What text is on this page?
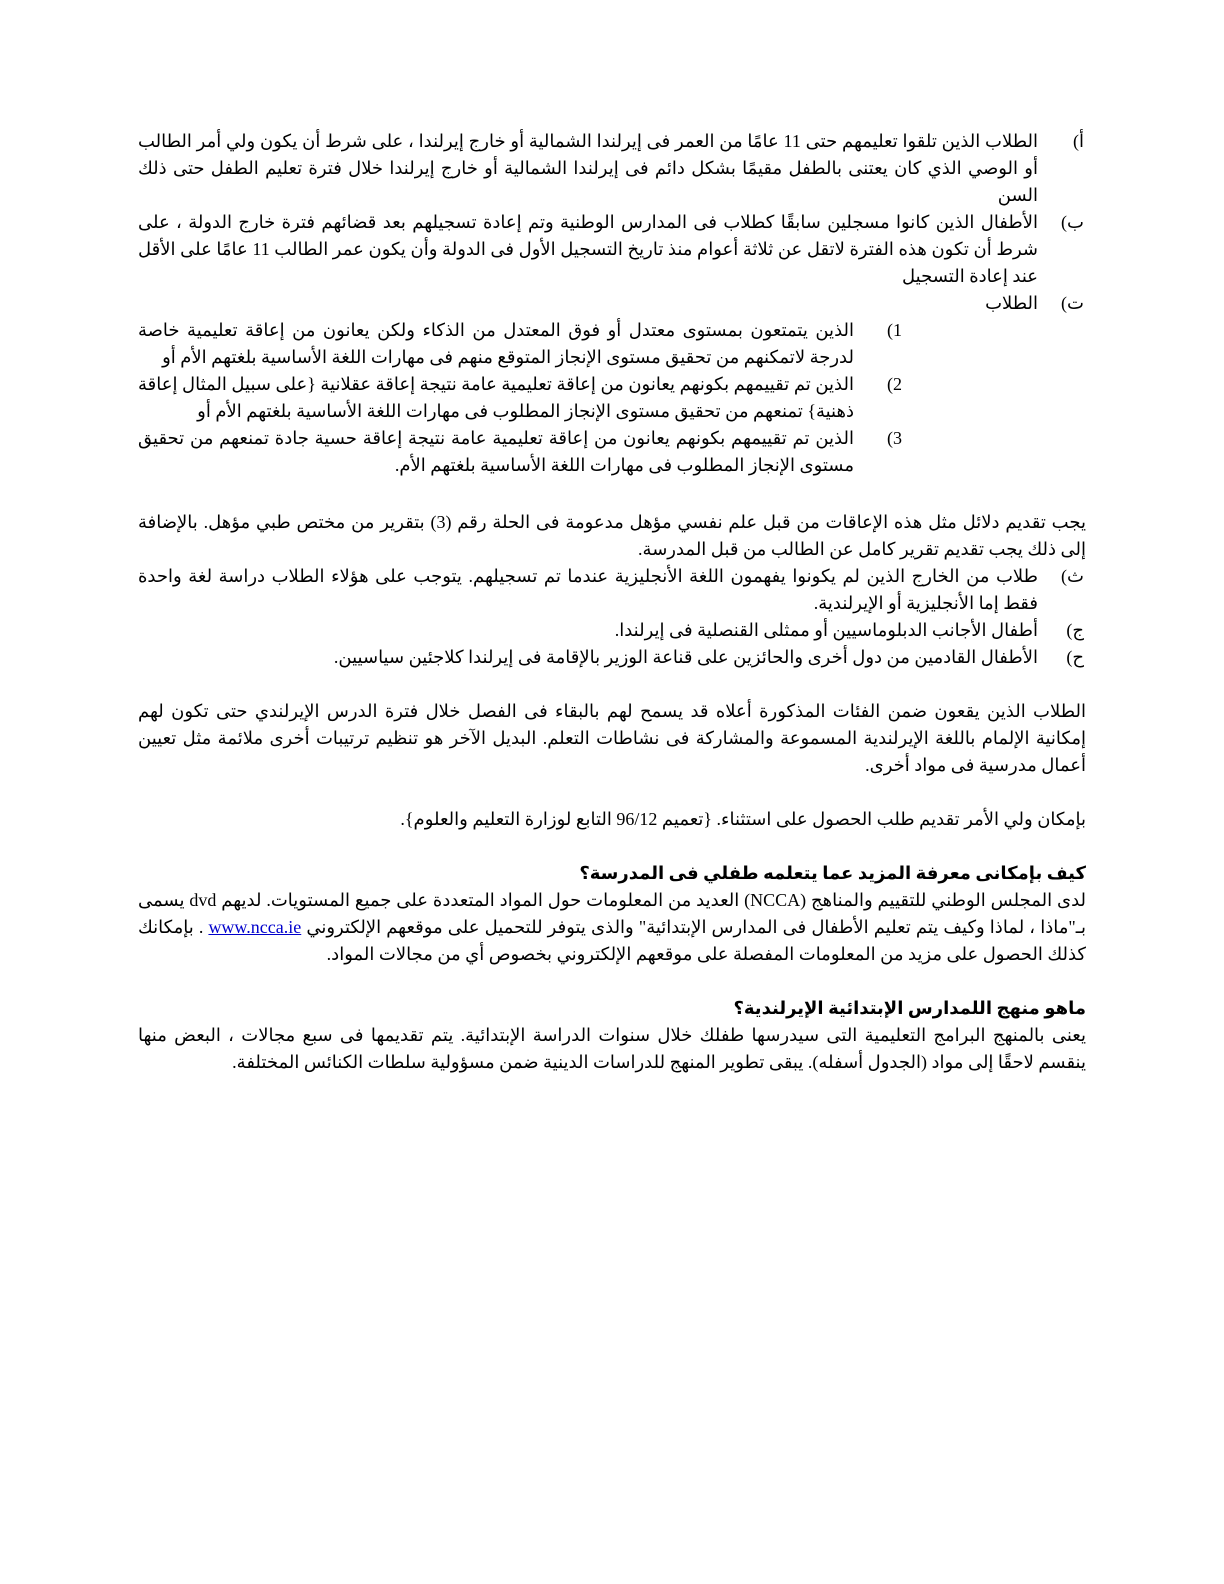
أ)
الطلاب الذين تلقوا تعليمهم حتى 11 عامًا من العمر فى إيرلندا الشمالية أو خارج إيرلندا ، على شرط أن يكون ولي أمر الطالب أو الوصي الذي كان يعتنى بالطفل مقيمًا بشكل دائم فى إيرلندا الشمالية أو خارج إيرلندا خلال فترة تعليم الطفل حتى ذلك السن
ب)
الأطفال الذين كانوا مسجلين سابقًا كطلاب فى المدارس الوطنية وتم إعادة تسجيلهم بعد قضائهم فترة خارج الدولة ، على شرط أن تكون هذه الفترة لاتقل عن ثلاثة أعوام منذ تاريخ التسجيل الأول فى الدولة وأن يكون عمر الطالب 11 عامًا على الأقل عند إعادة التسجيل
ت)
الطلاب
1)
الذين يتمتعون بمستوى معتدل أو فوق المعتدل من الذكاء ولكن يعانون من إعاقة تعليمية خاصة لدرجة لاتمكنهم من تحقيق مستوى الإنجاز المتوقع منهم فى مهارات اللغة الأساسية بلغتهم الأم أو
2)
الذين تم تقييمهم بكونهم يعانون من إعاقة تعليمية عامة نتيجة إعاقة عقلانية {على سبيل المثال إعاقة ذهنية} تمنعهم من تحقيق مستوى الإنجاز المطلوب فى مهارات اللغة الأساسية بلغتهم الأم أو
3)
الذين تم تقييمهم بكونهم يعانون من إعاقة تعليمية عامة نتيجة إعاقة حسية جادة تمنعهم من تحقيق مستوى الإنجاز المطلوب فى مهارات اللغة الأساسية بلغتهم الأم.

يجب تقديم دلائل مثل هذه الإعاقات من قبل علم نفسي مؤهل مدعومة فى الحلة رقم (3) بتقرير من مختص طبي مؤهل. بالإضافة إلى ذلك يجب تقديم تقرير كامل عن الطالب من قبل المدرسة.

ث)
طلاب من الخارج الذين لم يكونوا يفهمون اللغة الأنجليزية عندما تم تسجيلهم. يتوجب على هؤلاء الطلاب دراسة لغة واحدة فقط إما الأنجليزية أو الإيرلندية.
ج)
أطفال الأجانب الدبلوماسيين أو ممثلى القنصلية فى إيرلندا.
ح)
الأطفال القادمين من دول أخرى والحائزين على قناعة الوزير بالإقامة فى إيرلندا كلاجئين سياسيين.

الطلاب الذين يقعون ضمن الفئات المذكورة أعلاه قد يسمح لهم بالبقاء فى الفصل خلال فترة الدرس الإيرلندي حتى تكون لهم إمكانية الإلمام باللغة الإيرلندية المسموعة والمشاركة فى نشاطات التعلم. البديل الآخر هو تنظيم ترتيبات أخرى ملائمة مثل تعيين أعمال مدرسية فى مواد أخرى.

بإمكان ولي الأمر تقديم طلب الحصول على استثناء. {تعميم 96/12 التابع لوزارة التعليم والعلوم}.

كيف بإمكانى معرفة المزيد عما يتعلمه طفلي فى المدرسة؟

لدى المجلس الوطني للتقييم والمناهج (NCCA) العديد من المعلومات حول المواد المتعددة على جميع المستويات. لديهم dvd يسمى بـ"ماذا ، لماذا وكيف يتم تعليم الأطفال فى المدارس الإبتدائية" والذى يتوفر للتحميل على موقعهم الإلكتروني www.ncca.ie . بإمكانك كذلك الحصول على مزيد من المعلومات المفصلة على موقعهم الإلكتروني بخصوص أي من مجالات المواد.

ماهو منهج اللمدارس الإبتدائية الإيرلندية؟

يعنى بالمنهج البرامج التعليمية التى سيدرسها طفلك خلال سنوات الدراسة الإبتدائية. يتم تقديمها فى سبع مجالات ، البعض منها ينقسم لاحقًا إلى مواد (الجدول أسفله). يبقى تطوير المنهج للدراسات الدينية ضمن مسؤولية سلطات الكنائس المختلفة.
